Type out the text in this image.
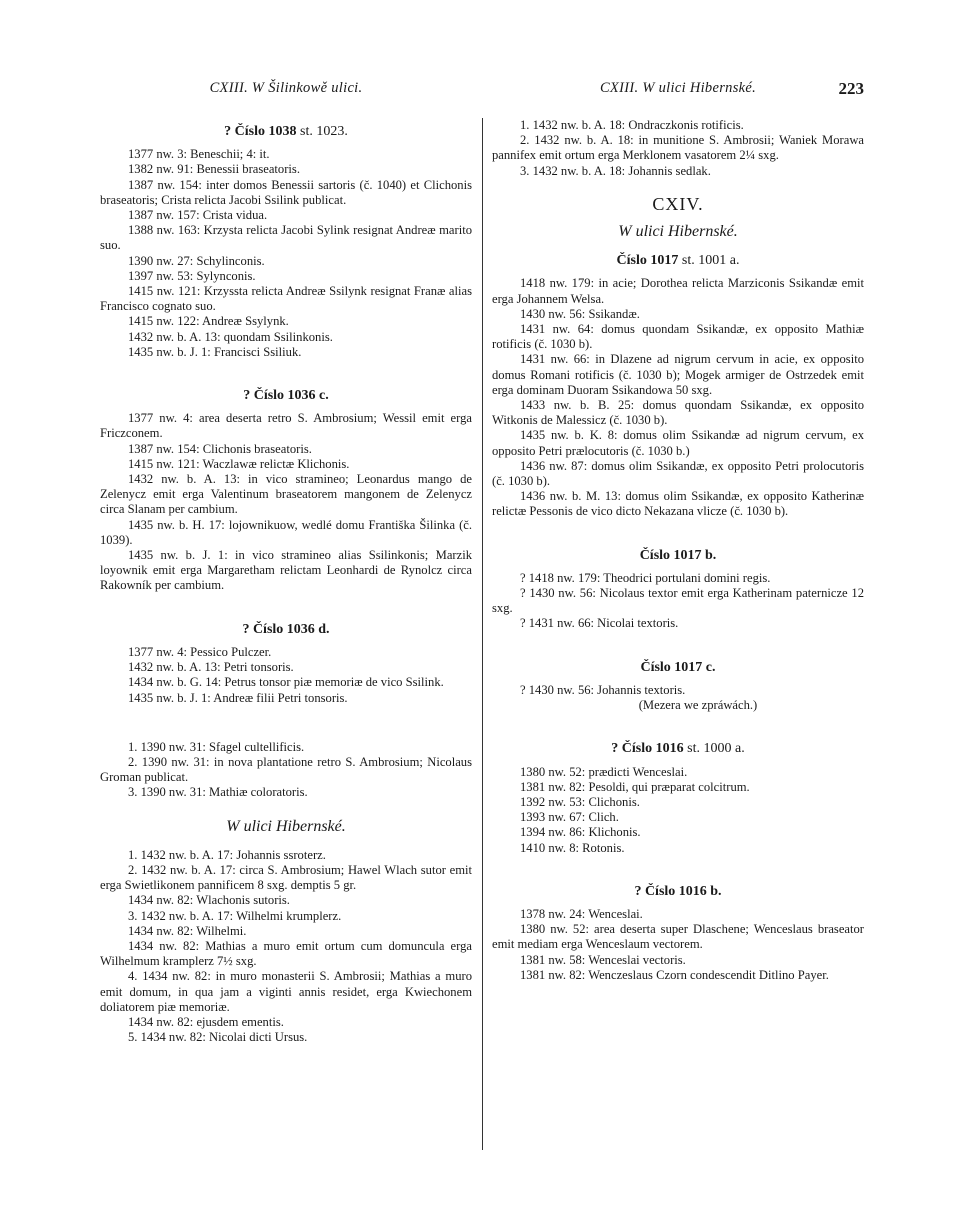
CXIII. W Šilinkowě ulici.	CXIII. W ulici Hibernské.	223
? Číslo 1038 st. 1023.

1377 nw. 3: Beneschii; 4: it.

1382 nw. 91: Benessii braseatoris.

1387 nw. 154: inter domos Benessii sartoris (č. 1040) et Clichonis braseatoris; Crista relicta Jacobi Ssilink publicat.

1387 nw. 157: Crista vidua.

1388 nw. 163: Krzysta relicta Jacobi Sylink resignat Andreæ marito suo.

1390 nw. 27: Schylinconis.

1397 nw. 53: Sylynconis.

1415 nw. 121: Krzyssta relicta Andreæ Ssilynk resignat Franæ alias Francisco cognato suo.

1415 nw. 122: Andreæ Ssylynk.

1432 nw. b. A. 13: quondam Ssilinkonis.

1435 nw. b. J. 1: Francisci Ssiliuk.

? Číslo 1036 c.

1377 nw. 4: area deserta retro S. Ambrosium; Wessil emit erga Friczconem.

1387 nw. 154: Clichonis braseatoris.

1415 nw. 121: Waczlawæ relictæ Klichonis.

1432 nw. b. A. 13: in vico stramineo; Leonardus mango de Zelenycz emit erga Valentinum braseatorem mangonem de Zelenycz circa Slanam per cambium.

1435 nw. b. H. 17: lojownikuow, wedlé domu Františka Šilinka (č. 1039).

1435 nw. b. J. 1: in vico stramineo alias Ssilinkonis; Marzik loyownik emit erga Margaretham relictam Leonhardi de Rynolcz circa Rakowník per cambium.

? Číslo 1036 d.

1377 nw. 4: Pessico Pulczer.

1432 nw. b. A. 13: Petri tonsoris.

1434 nw. b. G. 14: Petrus tonsor piæ memoriæ de vico Ssilink.

1435 nw. b. J. 1: Andreæ filii Petri tonsoris.

1. 1390 nw. 31: Sfagel cultellificis.

2. 1390 nw. 31: in nova plantatione retro S. Ambrosium; Nicolaus Groman publicat.

3. 1390 nw. 31: Mathiæ coloratoris.

W ulici Hibernské.

1. 1432 nw. b. A. 17: Johannis ssroterz.

2. 1432 nw. b. A. 17: circa S. Ambrosium; Hawel Wlach sutor emit erga Swietlikonem pannificem 8 sxg. demptis 5 gr.

1434 nw. 82: Wlachonis sutoris.

3. 1432 nw. b. A. 17: Wilhelmi krumplerz.

1434 nw. 82: Wilhelmi.

1434 nw. 82: Mathias a muro emit ortum cum domuncula erga Wilhelmum kramplerz 7½ sxg.

4. 1434 nw. 82: in muro monasterii S. Ambrosii; Mathias a muro emit domum, in qua jam a viginti annis residet, erga Kwiechonem doliatorem piæ memoriæ.

1434 nw. 82: ejusdem ementis.

5. 1434 nw. 82: Nicolai dicti Ursus.

1. 1432 nw. b. A. 18: Ondraczkonis rotificis.

2. 1432 nw. b. A. 18: in munitione S. Ambrosii; Waniek Morawa pannifex emit ortum erga Merklonem vasatorem 2¼ sxg.

3. 1432 nw. b. A. 18: Johannis sedlak.

CXIV.
W ulici Hibernské.
Číslo 1017 st. 1001 a.

1418 nw. 179: in acie; Dorothea relicta Marziconis Ssikandæ emit erga Johannem Welsa.

1430 nw. 56: Ssikandæ.

1431 nw. 64: domus quondam Ssikandæ, ex opposito Mathiæ rotificis (č. 1030 b).

1431 nw. 66: in Dlazene ad nigrum cervum in acie, ex opposito domus Romani rotificis (č. 1030 b); Mogek armiger de Ostrzedek emit erga dominam Duoram Ssikandowa 50 sxg.

1433 nw. b. B. 25: domus quondam Ssikandæ, ex opposito Witkonis de Malessicz (č. 1030 b).

1435 nw. b. K. 8: domus olim Ssikandæ ad nigrum cervum, ex opposito Petri prælocutoris (č. 1030 b.)

1436 nw. 87: domus olim Ssikandæ, ex opposito Petri prolocutoris (č. 1030 b).

1436 nw. b. M. 13: domus olim Ssikandæ, ex opposito Katherinæ relictæ Pessonis de vico dicto Nekazana vlicze (č. 1030 b).

Číslo 1017 b.

? 1418 nw. 179: Theodrici portulani domini regis.

? 1430 nw. 56: Nicolaus textor emit erga Katherinam paternicze 12 sxg.

? 1431 nw. 66: Nicolai textoris.

Číslo 1017 c.

? 1430 nw. 56: Johannis textoris.

(Mezera we zpráwách.)
? Číslo 1016 st. 1000 a.

1380 nw. 52: prædicti Wenceslai.

1381 nw. 82: Pesoldi, qui præparat colcitrum.

1392 nw. 53: Clichonis.

1393 nw. 67: Clich.

1394 nw. 86: Klichonis.

1410 nw. 8: Rotonis.

? Číslo 1016 b.

1378 nw. 24: Wenceslai.

1380 nw. 52: area deserta super Dlaschene; Wenceslaus braseator emit mediam erga Wenceslaum vectorem.

1381 nw. 58: Wenceslai vectoris.

1381 nw. 82: Wenczeslaus Czorn condescendit Ditlino Payer.
